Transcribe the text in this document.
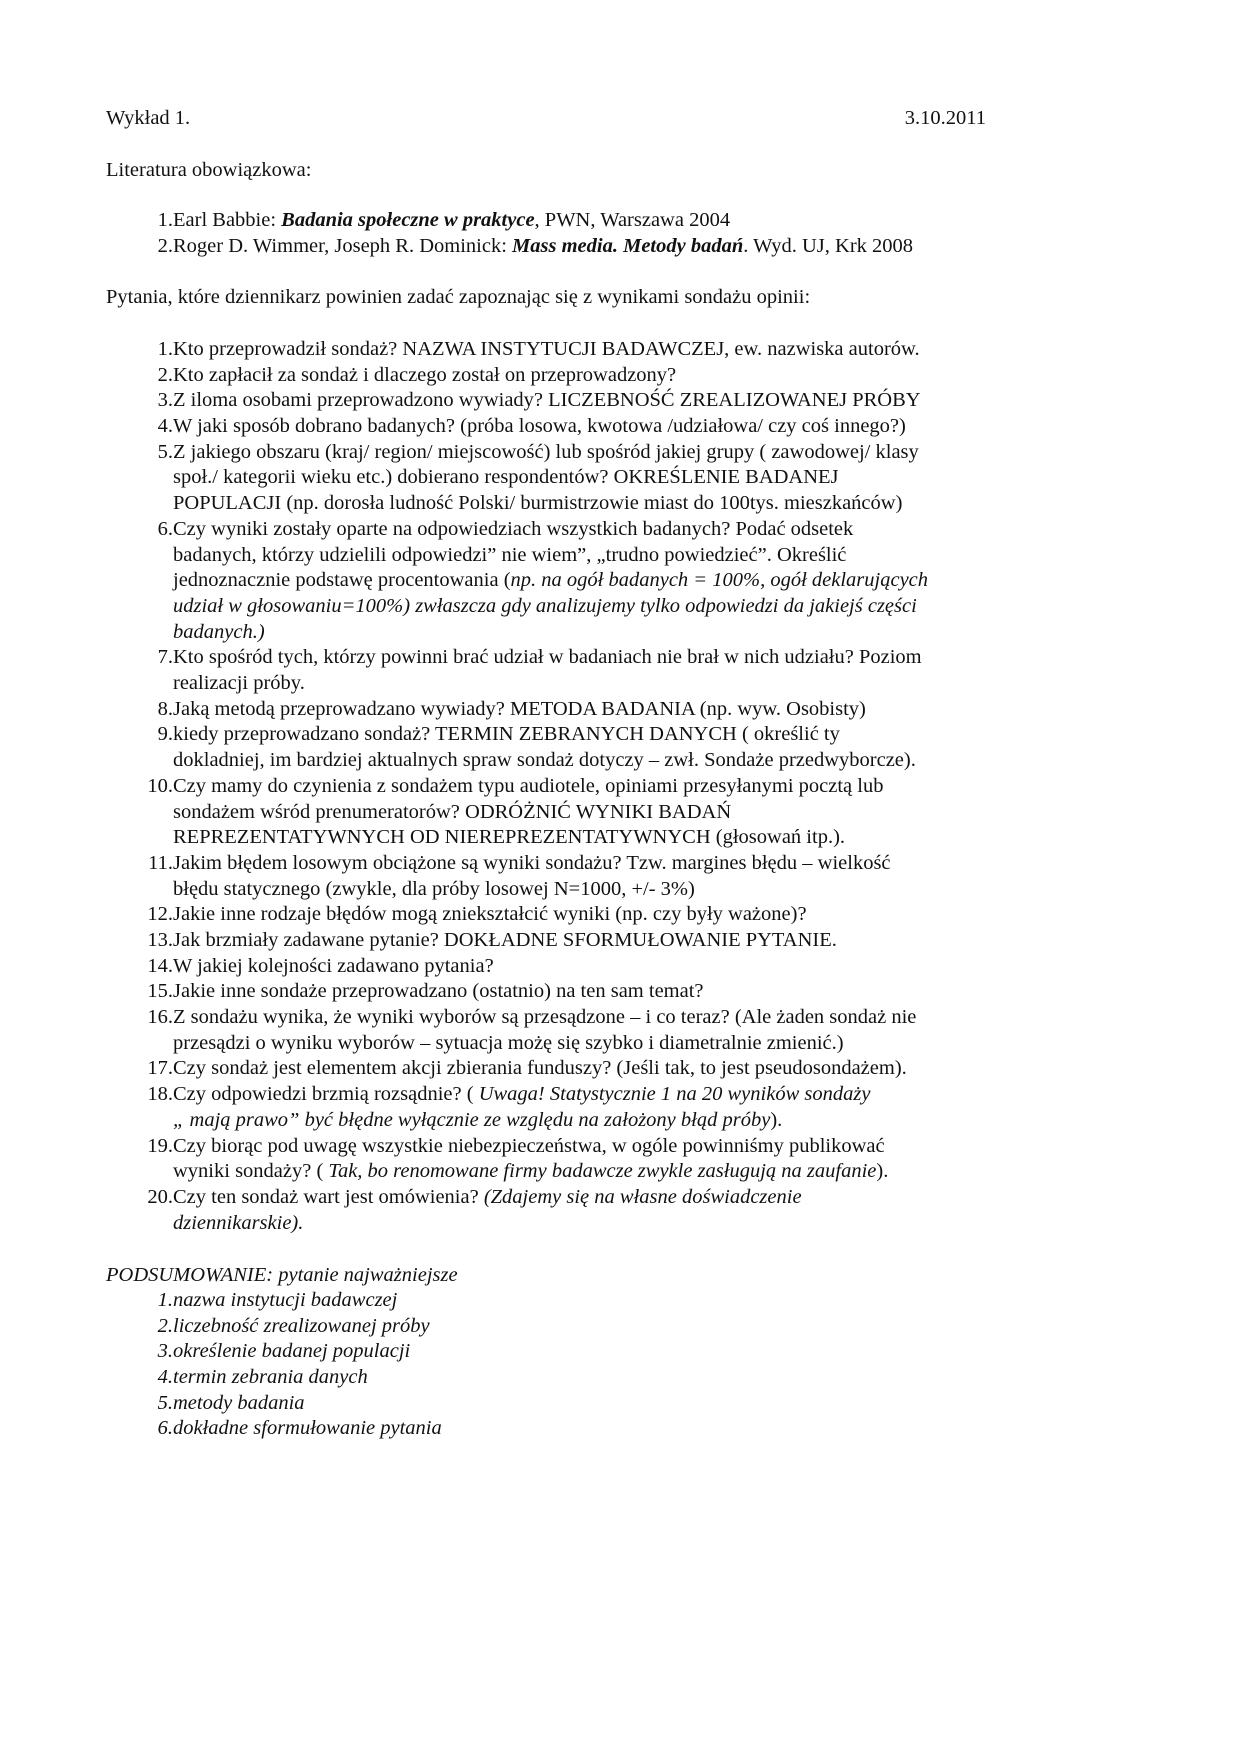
Wykład 1.	3.10.2011
Literatura obowiązkowa:
1. Earl Babbie: Badania społeczne w praktyce, PWN, Warszawa 2004
2. Roger D. Wimmer, Joseph R. Dominick: Mass media. Metody badań. Wyd. UJ, Krk 2008
Pytania, które dziennikarz powinien zadać zapoznając się z wynikami sondażu opinii:
1. Kto przeprowadził sondaż? NAZWA INSTYTUCJI BADAWCZEJ, ew. nazwiska autorów.
2. Kto zapłacił za sondaż i dlaczego został on przeprowadzony?
3. Z iloma osobami przeprowadzono wywiady? LICZEBNOŚĆ ZREALIZOWANEJ PRÓBY
4. W jaki sposób dobrano badanych? (próba losowa, kwotowa /udziałowa/ czy coś innego?)
5. Z jakiego obszaru (kraj/ region/ miejscowość) lub spośród jakiej grupy ( zawodowej/ klasy
społ./ kategorii wieku etc.) dobierano respondentów? OKREŚLENIE BADANEJ
POPULACJI (np. dorosła ludność Polski/ burmistrzowie miast do 100tys. mieszkańców)
6. Czy wyniki zostały oparte na odpowiedziach wszystkich badanych? Podać odsetek
badanych, którzy udzielili odpowiedzi” nie wiem”, „trudno powiedzieć”. Określić
jednoznacznie podstawę procentowania (np. na ogół badanych = 100%, ogół deklarujących
udział w głosowaniu=100%) zwłaszcza gdy analizujemy tylko odpowiedzi da jakiejś części
badanych.)
7. Kto spośród tych, którzy powinni brać udział w badaniach nie brał w nich udziału? Poziom
realizacji próby.
8. Jaką metodą przeprowadzano wywiady? METODA BADANIA (np. wyw. Osobisty)
9. kiedy przeprowadzano sondaż? TERMIN ZEBRANYCH DANYCH ( określić ty
dokladniej, im bardziej aktualnych spraw sondaż dotyczy – zwł. Sondaże przedwyborcze).
10. Czy mamy do czynienia z sondażem typu audiotele, opiniami przesyłanymi pocztą lub
sondażem wśród prenumeratorów? ODRÓŻNIĆ WYNIKI BADAŃ
REPREZENTATYWNYCH OD NIEREPREZENTATYWNYCH (głosowań itp.).
11. Jakim błędem losowym obciążone są wyniki sondażu? Tzw. margines błędu – wielkość
błędu statycznego (zwykle, dla próby losowej N=1000, +/- 3%)
12. Jakie inne rodzaje błędów mogą zniekształcić wyniki (np. czy były ważone)?
13. Jak brzmiały zadawane pytanie? DOKŁADNE SFORMUŁOWANIE PYTANIE.
14. W jakiej kolejności zadawano pytania?
15. Jakie inne sondaże przeprowadzano (ostatnio) na ten sam temat?
16. Z sondażu wynika, że wyniki wyborów są przesądzone – i co teraz? (Ale żaden sondaż nie
przesądzi o wyniku wyborów – sytuacja możę się szybko i diametralnie zmienić.)
17. Czy sondaż jest elementem akcji zbierania funduszy? (Jeśli tak, to jest pseudosondażem).
18. Czy odpowiedzi brzmią rozsądnie? ( Uwaga! Statystycznie 1 na 20 wyników sondaży
„ mają prawo” być błędne wyłącznie ze względu na założony błąd próby).
19. Czy biorąc pod uwagę wszystkie niebezpieczeństwa, w ogóle powinniśmy publikować
wyniki sondaży? ( Tak, bo renomowane firmy badawcze zwykle zasługują na zaufanie).
20. Czy ten sondaż wart jest omówienia? (Zdajemy się na własne doświadczenie
dziennikarskie).
PODSUMOWANIE: pytanie najważniejsze
1. nazwa instytucji badawczej
2. liczebność zrealizowanej próby
3. określenie badanej populacji
4. termin zebrania danych
5. metody badania
6. dokładne sformułowanie pytania
